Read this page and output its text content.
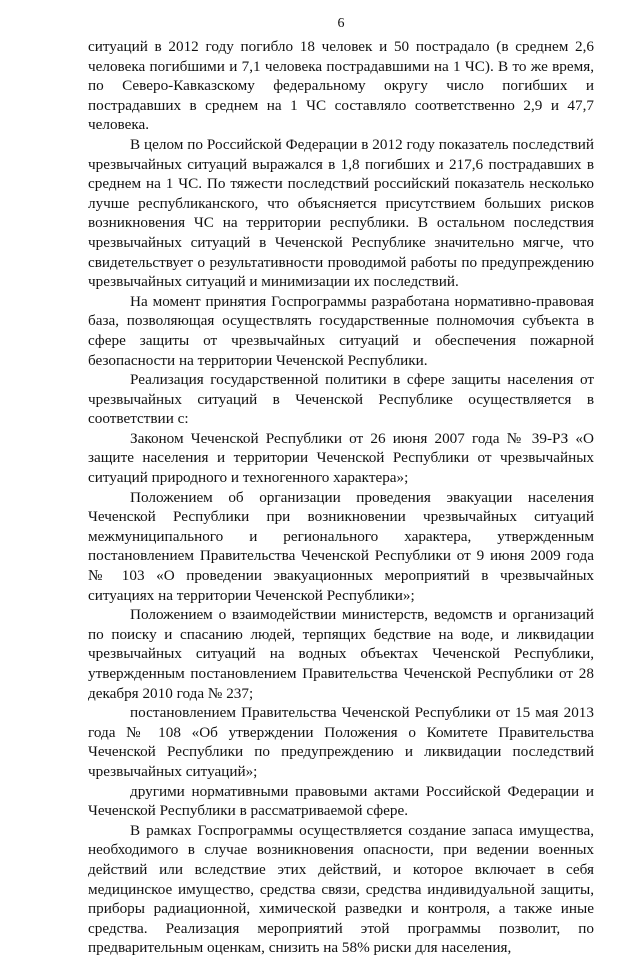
6

ситуаций в 2012 году погибло 18 человек и 50 пострадало (в среднем 2,6 человека погибшими и 7,1 человека пострадавшими на 1 ЧС). В то же время, по Северо-Кавказскому федеральному округу число погибших и пострадавших в среднем на 1 ЧС составляло соответственно 2,9 и 47,7 человека.

В целом по Российской Федерации в 2012 году показатель последствий чрезвычайных ситуаций выражался в 1,8 погибших и 217,6 пострадавших в среднем на 1 ЧС. По тяжести последствий российский показатель несколько лучше республиканского, что объясняется присутствием больших рисков возникновения ЧС на территории республики. В остальном последствия чрезвычайных ситуаций в Чеченской Республике значительно мягче, что свидетельствует о результативности проводимой работы по предупреждению чрезвычайных ситуаций и минимизации их последствий.

На момент принятия Госпрограммы разработана нормативно-правовая база, позволяющая осуществлять государственные полномочия субъекта в сфере защиты от чрезвычайных ситуаций и обеспечения пожарной безопасности на территории Чеченской Республики.

Реализация государственной политики в сфере защиты населения от чрезвычайных ситуаций в Чеченской Республике осуществляется в соответствии с:

Законом Чеченской Республики от 26 июня 2007 года № 39-РЗ «О защите населения и территории Чеченской Республики от чрезвычайных ситуаций природного и техногенного характера»;

Положением об организации проведения эвакуации населения Чеченской Республики при возникновении чрезвычайных ситуаций межмуниципального и регионального характера, утвержденным постановлением Правительства Чеченской Республики от 9 июня 2009 года № 103 «О проведении эвакуационных мероприятий в чрезвычайных ситуациях на территории Чеченской Республики»;

Положением о взаимодействии министерств, ведомств и организаций по поиску и спасанию людей, терпящих бедствие на воде, и ликвидации чрезвычайных ситуаций на водных объектах Чеченской Республики, утвержденным постановлением Правительства Чеченской Республики от 28 декабря 2010 года № 237;

постановлением Правительства Чеченской Республики от 15 мая 2013 года № 108 «Об утверждении Положения о Комитете Правительства Чеченской Республики по предупреждению и ликвидации последствий чрезвычайных ситуаций»;

другими нормативными правовыми актами Российской Федерации и Чеченской Республики в рассматриваемой сфере.

В рамках Госпрограммы осуществляется создание запаса имущества, необходимого в случае возникновения опасности, при ведении военных действий или вследствие этих действий, и которое включает в себя медицинское имущество, средства связи, средства индивидуальной защиты, приборы радиационной, химической разведки и контроля, а также иные средства. Реализация мероприятий этой программы позволит, по предварительным оценкам, снизить на 58% риски для населения,
